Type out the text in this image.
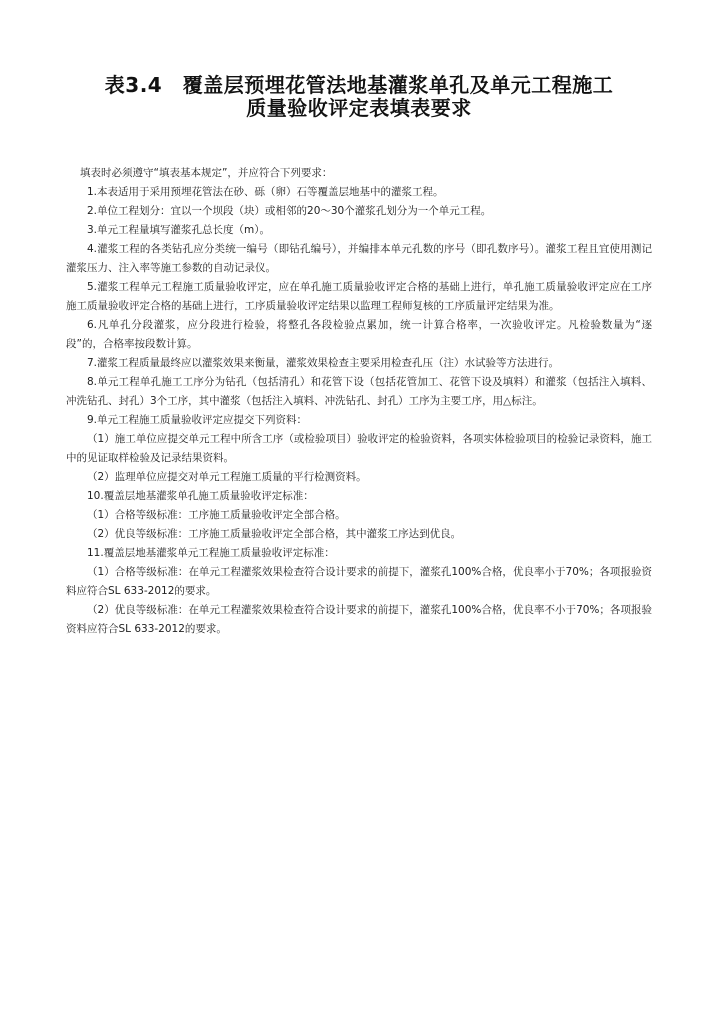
表3.4　覆盖层预埋花管法地基灌浆单孔及单元工程施工
质量验收评定表填表要求

填表时必须遵守“填表基本规定”，并应符合下列要求：

1.本表适用于采用预埋花管法在砂、砾（卵）石等覆盖层地基中的灌浆工程。

2.单位工程划分：宜以一个坝段（块）或相邻的20～30个灌浆孔划分为一个单元工程。

3.单元工程量填写灌浆孔总长度（m）。

4.灌浆工程的各类钻孔应分类统一编号（即钻孔编号），并编排本单元孔数的序号（即孔数序号）。灌浆工程且宜使用测记灌浆压力、注入率等施工参数的自动记录仪。

5.灌浆工程单元工程施工质量验收评定，应在单孔施工质量验收评定合格的基础上进行，单孔施工质量验收评定应在工序施工质量验收评定合格的基础上进行，工序质量验收评定结果以监理工程师复核的工序质量评定结果为准。

6.凡单孔分段灌浆，应分段进行检验，将整孔各段检验点累加，统一计算合格率，一次验收评定。凡检验数量为“逐段”的，合格率按段数计算。

7.灌浆工程质量最终应以灌浆效果来衡量，灌浆效果检查主要采用检查孔压（注）水试验等方法进行。

8.单元工程单孔施工工序分为钻孔（包括清孔）和花管下设（包括花管加工、花管下设及填料）和灌浆（包括注入填料、冲洗钻孔、封孔）3个工序，其中灌浆（包括注入填料、冲洗钻孔、封孔）工序为主要工序，用△标注。

9.单元工程施工质量验收评定应提交下列资料：

（1）施工单位应提交单元工程中所含工序（或检验项目）验收评定的检验资料，各项实体检验项目的检验记录资料，施工中的见证取样检验及记录结果资料。

（2）监理单位应提交对单元工程施工质量的平行检测资料。

10.覆盖层地基灌浆单孔施工质量验收评定标准：

（1）合格等级标准：工序施工质量验收评定全部合格。

（2）优良等级标准：工序施工质量验收评定全部合格，其中灌浆工序达到优良。

11.覆盖层地基灌浆单元工程施工质量验收评定标准：

（1）合格等级标准：在单元工程灌浆效果检查符合设计要求的前提下，灌浆孔100%合格，优良率小于70%；各项报验资料应符合SL 633-2012的要求。

（2）优良等级标准：在单元工程灌浆效果检查符合设计要求的前提下，灌浆孔100%合格，优良率不小于70%；各项报验资料应符合SL 633-2012的要求。
